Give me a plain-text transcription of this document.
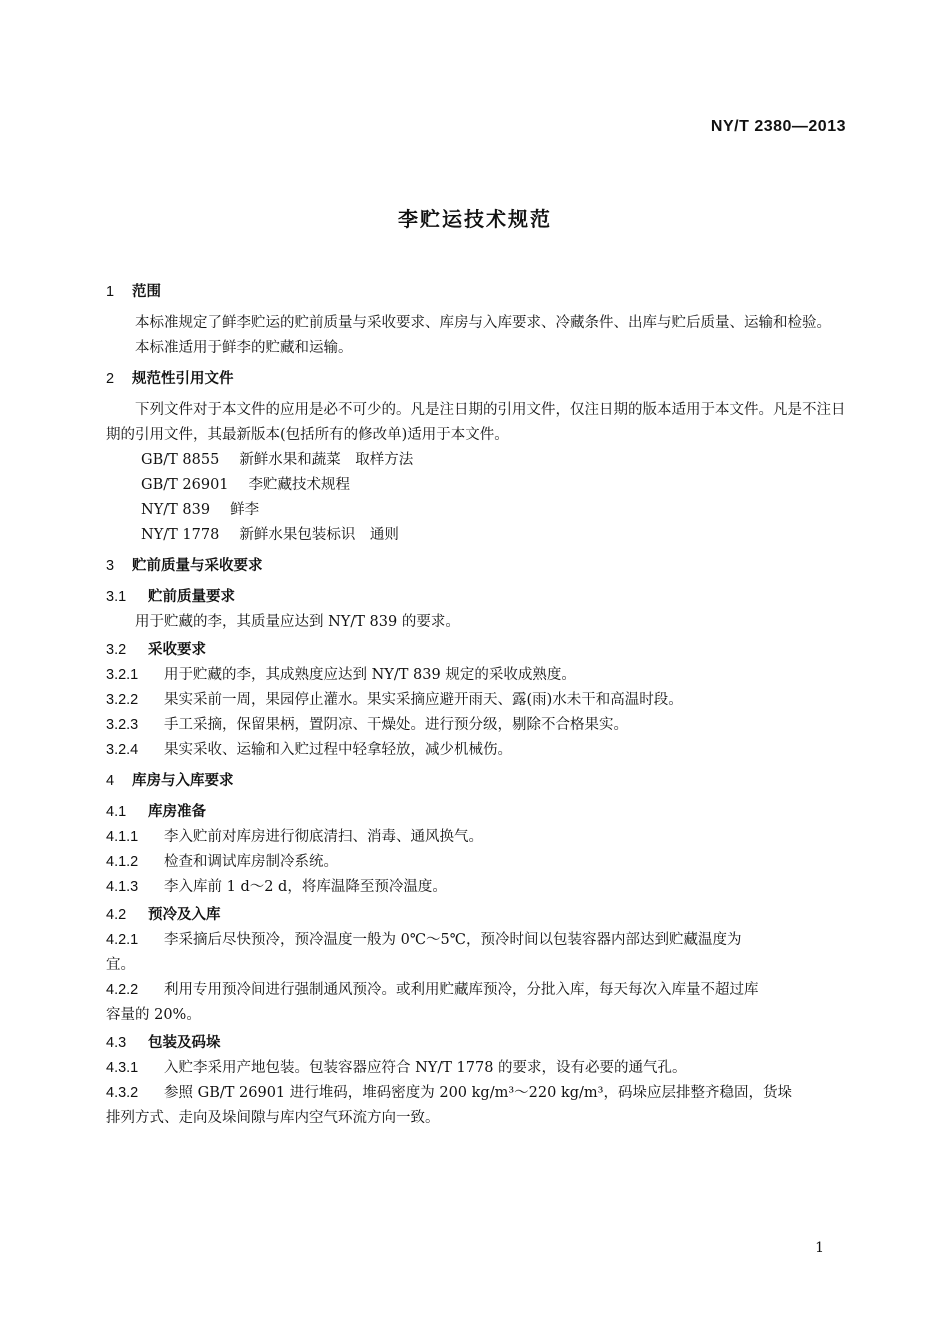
NY/T 2380—2013
李贮运技术规范
1 范围
本标准规定了鲜李贮运的贮前质量与采收要求、库房与入库要求、冷藏条件、出库与贮后质量、运输和检验。
本标准适用于鲜李的贮藏和运输。
2 规范性引用文件
下列文件对于本文件的应用是必不可少的。凡是注日期的引用文件，仅注日期的版本适用于本文件。凡是不注日期的引用文件，其最新版本(包括所有的修改单)适用于本文件。
GB/T 8855 新鲜水果和蔬菜　取样方法
GB/T 26901 李贮藏技术规程
NY/T 839 鲜李
NY/T 1778 新鲜水果包装标识　通则
3 贮前质量与采收要求
3.1 贮前质量要求
用于贮藏的李，其质量应达到 NY/T 839 的要求。
3.2 采收要求
3.2.1 用于贮藏的李，其成熟度应达到 NY/T 839 规定的采收成熟度。
3.2.2 果实采前一周，果园停止灌水。果实采摘应避开雨天、露(雨)水未干和高温时段。
3.2.3 手工采摘，保留果柄，置阴凉、干燥处。进行预分级，剔除不合格果实。
3.2.4 果实采收、运输和入贮过程中轻拿轻放，减少机械伤。
4 库房与入库要求
4.1 库房准备
4.1.1 李入贮前对库房进行彻底清扫、消毒、通风换气。
4.1.2 检查和调试库房制冷系统。
4.1.3 李入库前 1 d～2 d，将库温降至预冷温度。
4.2 预冷及入库
4.2.1 李采摘后尽快预冷，预冷温度一般为 0℃～5℃，预冷时间以包装容器内部达到贮藏温度为
宜。
4.2.2 利用专用预冷间进行强制通风预冷。或利用贮藏库预冷，分批入库，每天每次入库量不超过库
容量的 20%。
4.3 包装及码垛
4.3.1 入贮李采用产地包装。包装容器应符合 NY/T 1778 的要求，设有必要的通气孔。
4.3.2 参照 GB/T 26901 进行堆码，堆码密度为 200 kg/m³～220 kg/m³，码垛应层排整齐稳固，货垛
排列方式、走向及垛间隙与库内空气环流方向一致。
1
